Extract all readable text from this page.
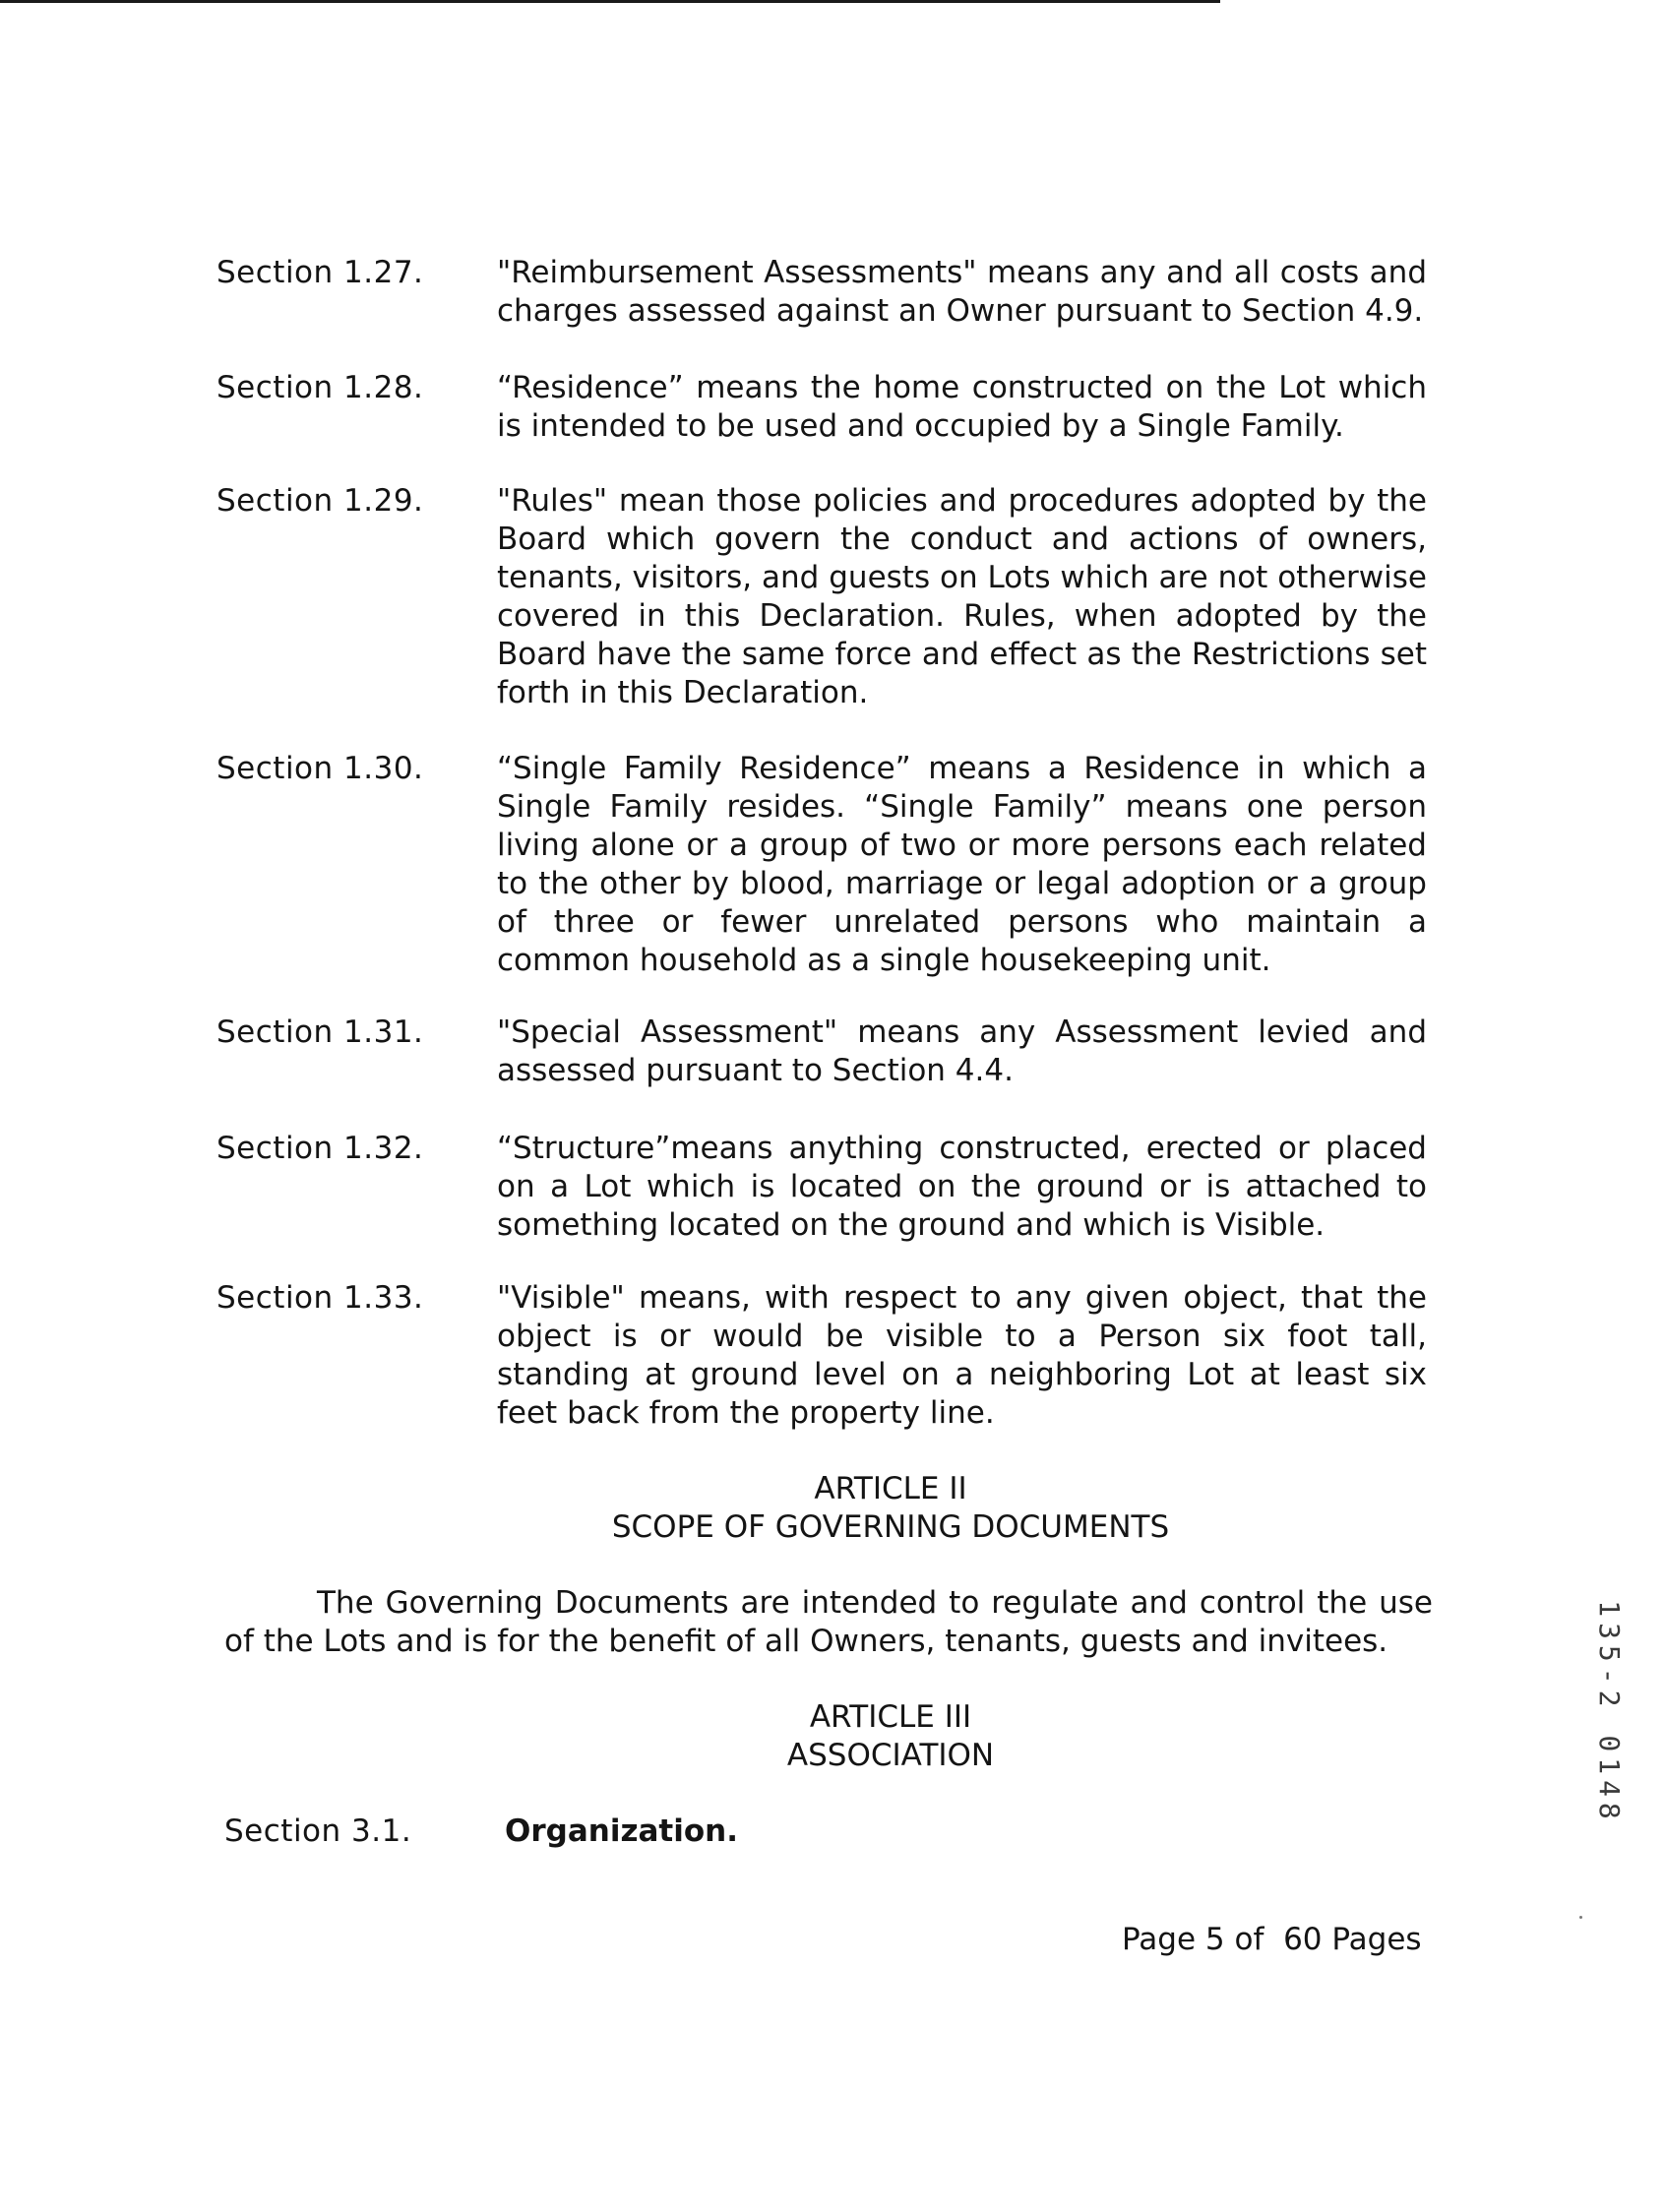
Section 1.27.	"Reimbursement Assessments" means any and all costs and charges assessed against an Owner pursuant to Section 4.9.
Section 1.28.	“Residence” means the home constructed on the Lot which is intended to be used and occupied by a Single Family.
Section 1.29.	"Rules" mean those policies and procedures adopted by the Board which govern the conduct and actions of owners, tenants, visitors, and guests on Lots which are not otherwise covered in this Declaration. Rules, when adopted by the Board have the same force and effect as the Restrictions set forth in this Declaration.
Section 1.30.	“Single Family Residence” means a Residence in which a Single Family resides. “Single Family” means one person living alone or a group of two or more persons each related to the other by blood, marriage or legal adoption or a group of three or fewer unrelated persons who maintain a common household as a single housekeeping unit.
Section 1.31.	"Special Assessment" means any Assessment levied and assessed pursuant to Section 4.4.
Section 1.32.	“Structure”means anything constructed, erected or placed on a Lot which is located on the ground or is attached to something located on the ground and which is Visible.
Section 1.33.	"Visible" means, with respect to any given object, that the object is or would be visible to a Person six foot tall, standing at ground level on a neighboring Lot at least six feet back from the property line.
ARTICLE II
SCOPE OF GOVERNING DOCUMENTS
The Governing Documents are intended to regulate and control the use of the Lots and is for the benefit of all Owners, tenants, guests and invitees.
ARTICLE III
ASSOCIATION
Section 3.1.	Organization.
Page 5 of  60 Pages
135-2 0148
